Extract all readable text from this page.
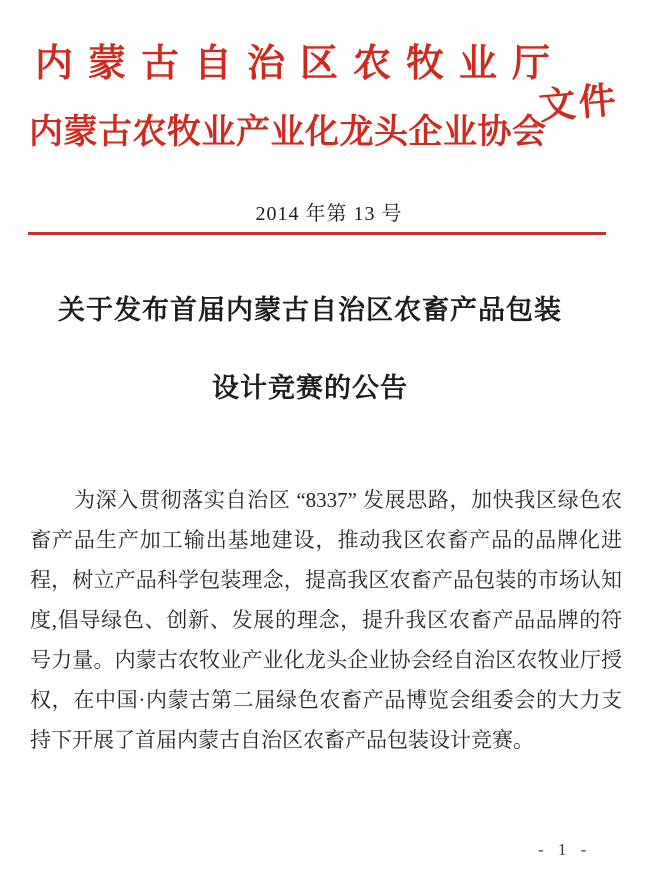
内蒙古自治区农牧业厅
文件
内蒙古农牧业产业化龙头企业协会
2014 年第 13 号
关于发布首届内蒙古自治区农畜产品包装
设计竞赛的公告
为深入贯彻落实自治区 “8337” 发展思路，加快我区绿色农
畜产品生产加工输出基地建设，推动我区农畜产品的品牌化进
程，树立产品科学包装理念，提高我区农畜产品包装的市场认知
度,倡导绿色、创新、发展的理念，提升我区农畜产品品牌的符
号力量。内蒙古农牧业产业化龙头企业协会经自治区农牧业厅授
权，在中国·内蒙古第二届绿色农畜产品博览会组委会的大力支
持下开展了首届内蒙古自治区农畜产品包装设计竞赛。
- 1 -
